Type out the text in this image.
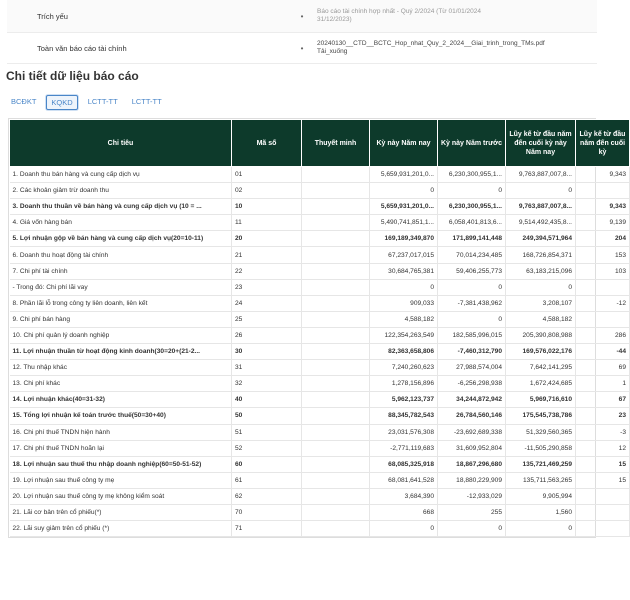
Trích yếu	•	Báo cáo tài chính hợp nhất - Quý 2/2024 (Từ 01/01/2024
31/12/2023)
Toàn văn báo cáo tài chính	•	20240130__CTD__BCTC_Hop_nhat_Quy_2_2024__Giai_trinh_trong_TMs.pdf
Tải_xuống
Chi tiết dữ liệu báo cáo
BCĐKT	KQKD	LCTT-TT	LCTT-TT
Chỉ tiêu	Mã số	Thuyết minh	Kỳ này Năm nay	Kỳ này Năm trước	Lũy kế từ đầu năm đến cuối kỳ này Năm nay	Lũy kế từ đầu năm đến cuối kỳ
1. Doanh thu bán hàng và cung cấp dịch vụ	01		5,659,931,201,0...	6,230,300,955,1...	9,763,887,007,8...	9,343
2. Các khoản giảm trừ doanh thu	02		0	0	0	
3. Doanh thu thuần về bán hàng và cung cấp dịch vụ (10 = ...	10		5,659,931,201,0...	6,230,300,955,1...	9,763,887,007,8...	9,343
4. Giá vốn hàng bán	11		5,490,741,851,1...	6,058,401,813,6...	9,514,492,435,8...	9,139
5. Lợi nhuận gộp về bán hàng và cung cấp dịch vụ(20=10-11)	20		169,189,349,870	171,899,141,448	249,394,571,964	204
6. Doanh thu hoạt động tài chính	21		67,237,017,015	70,014,234,485	168,726,854,371	153
7. Chi phí tài chính	22		30,684,765,381	59,406,255,773	63,183,215,096	103
- Trong đó: Chi phí lãi vay	23		0	0	0	
8. Phần lãi lỗ trong công ty liên doanh, liên kết	24		909,033	-7,381,438,962	3,208,107	-12
9. Chi phí bán hàng	25		4,588,182	0	4,588,182	
10. Chi phí quản lý doanh nghiệp	26		122,354,263,549	182,585,996,015	205,390,808,988	286
11. Lợi nhuận thuần từ hoạt động kinh doanh(30=20+(21-2...	30		82,363,658,806	-7,460,312,790	169,576,022,176	-44
12. Thu nhập khác	31		7,240,260,623	27,988,574,004	7,642,141,295	69
13. Chi phí khác	32		1,278,156,896	-6,256,298,938	1,672,424,685	1
14. Lợi nhuận khác(40=31-32)	40		5,962,123,737	34,244,872,942	5,969,716,610	67
15. Tổng lợi nhuận kế toán trước thuế(50=30+40)	50		88,345,782,543	26,784,560,146	175,545,738,786	23
16. Chi phí thuế TNDN hiện hành	51		23,031,576,308	-23,692,689,338	51,329,560,365	-3
17. Chi phí thuế TNDN hoãn lại	52		-2,771,119,683	31,609,952,804	-11,505,290,858	12
18. Lợi nhuận sau thuế thu nhập doanh nghiệp(60=50-51-52)	60		68,085,325,918	18,867,296,680	135,721,469,259	15
19. Lợi nhuận sau thuế công ty mẹ	61		68,081,641,528	18,880,229,909	135,711,563,265	15
20. Lợi nhuận sau thuế công ty mẹ không kiểm soát	62		3,684,390	-12,933,029	9,905,994	
21. Lãi cơ bản trên cổ phiếu(*)	70		668	255	1,560	
22. Lãi suy giảm trên cổ phiếu (*)	71		0	0	0	
